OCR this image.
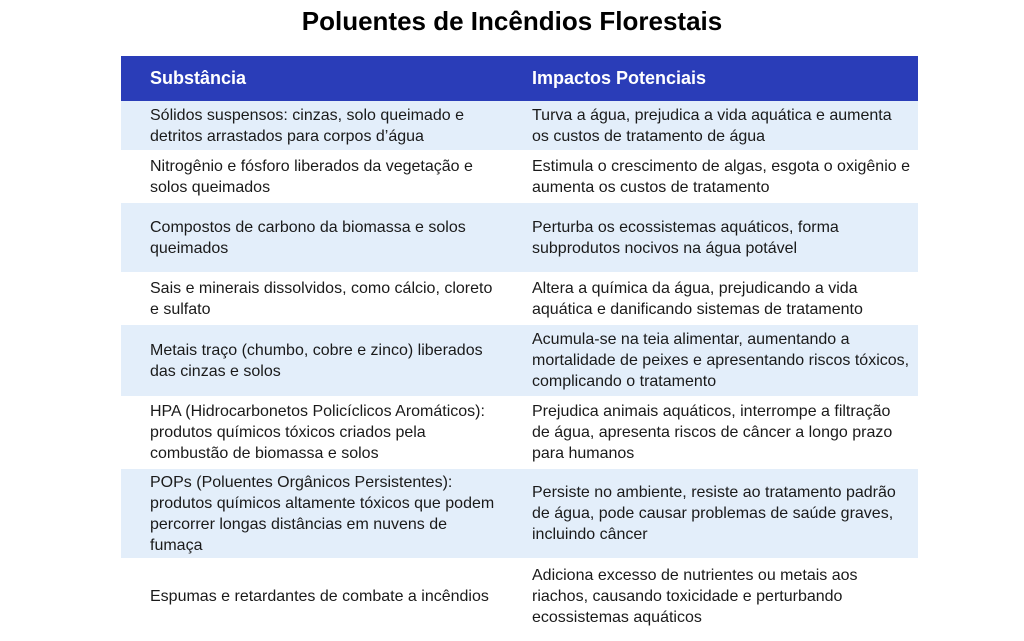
Poluentes de Incêndios Florestais
Substância	Impactos Potenciais
Sólidos suspensos: cinzas, solo queimado e detritos arrastados para corpos d’água
Turva a água, prejudica a vida aquática e aumenta os custos de tratamento de água
Nitrogênio e fósforo liberados da vegetação e solos queimados
Estimula o crescimento de algas, esgota o oxigênio e aumenta os custos de tratamento
Compostos de carbono da biomassa e solos queimados
Perturba os ecossistemas aquáticos, forma subprodutos nocivos na água potável
Sais e minerais dissolvidos, como cálcio, cloreto e sulfato
Altera a química da água, prejudicando a vida aquática e danificando sistemas de tratamento
Metais traço (chumbo, cobre e zinco) liberados das cinzas e solos
Acumula-se na teia alimentar, aumentando a mortalidade de peixes e apresentando riscos tóxicos, complicando o tratamento
HPA (Hidrocarbonetos Policíclicos Aromáticos): produtos químicos tóxicos criados pela combustão de biomassa e solos
Prejudica animais aquáticos, interrompe a filtração de água, apresenta riscos de câncer a longo prazo para humanos
POPs (Poluentes Orgânicos Persistentes): produtos químicos altamente tóxicos que podem percorrer longas distâncias em nuvens de fumaça
Persiste no ambiente, resiste ao tratamento padrão de água, pode causar problemas de saúde graves, incluindo câncer
Espumas e retardantes de combate a incêndios
Adiciona excesso de nutrientes ou metais aos riachos, causando toxicidade e perturbando ecossistemas aquáticos
